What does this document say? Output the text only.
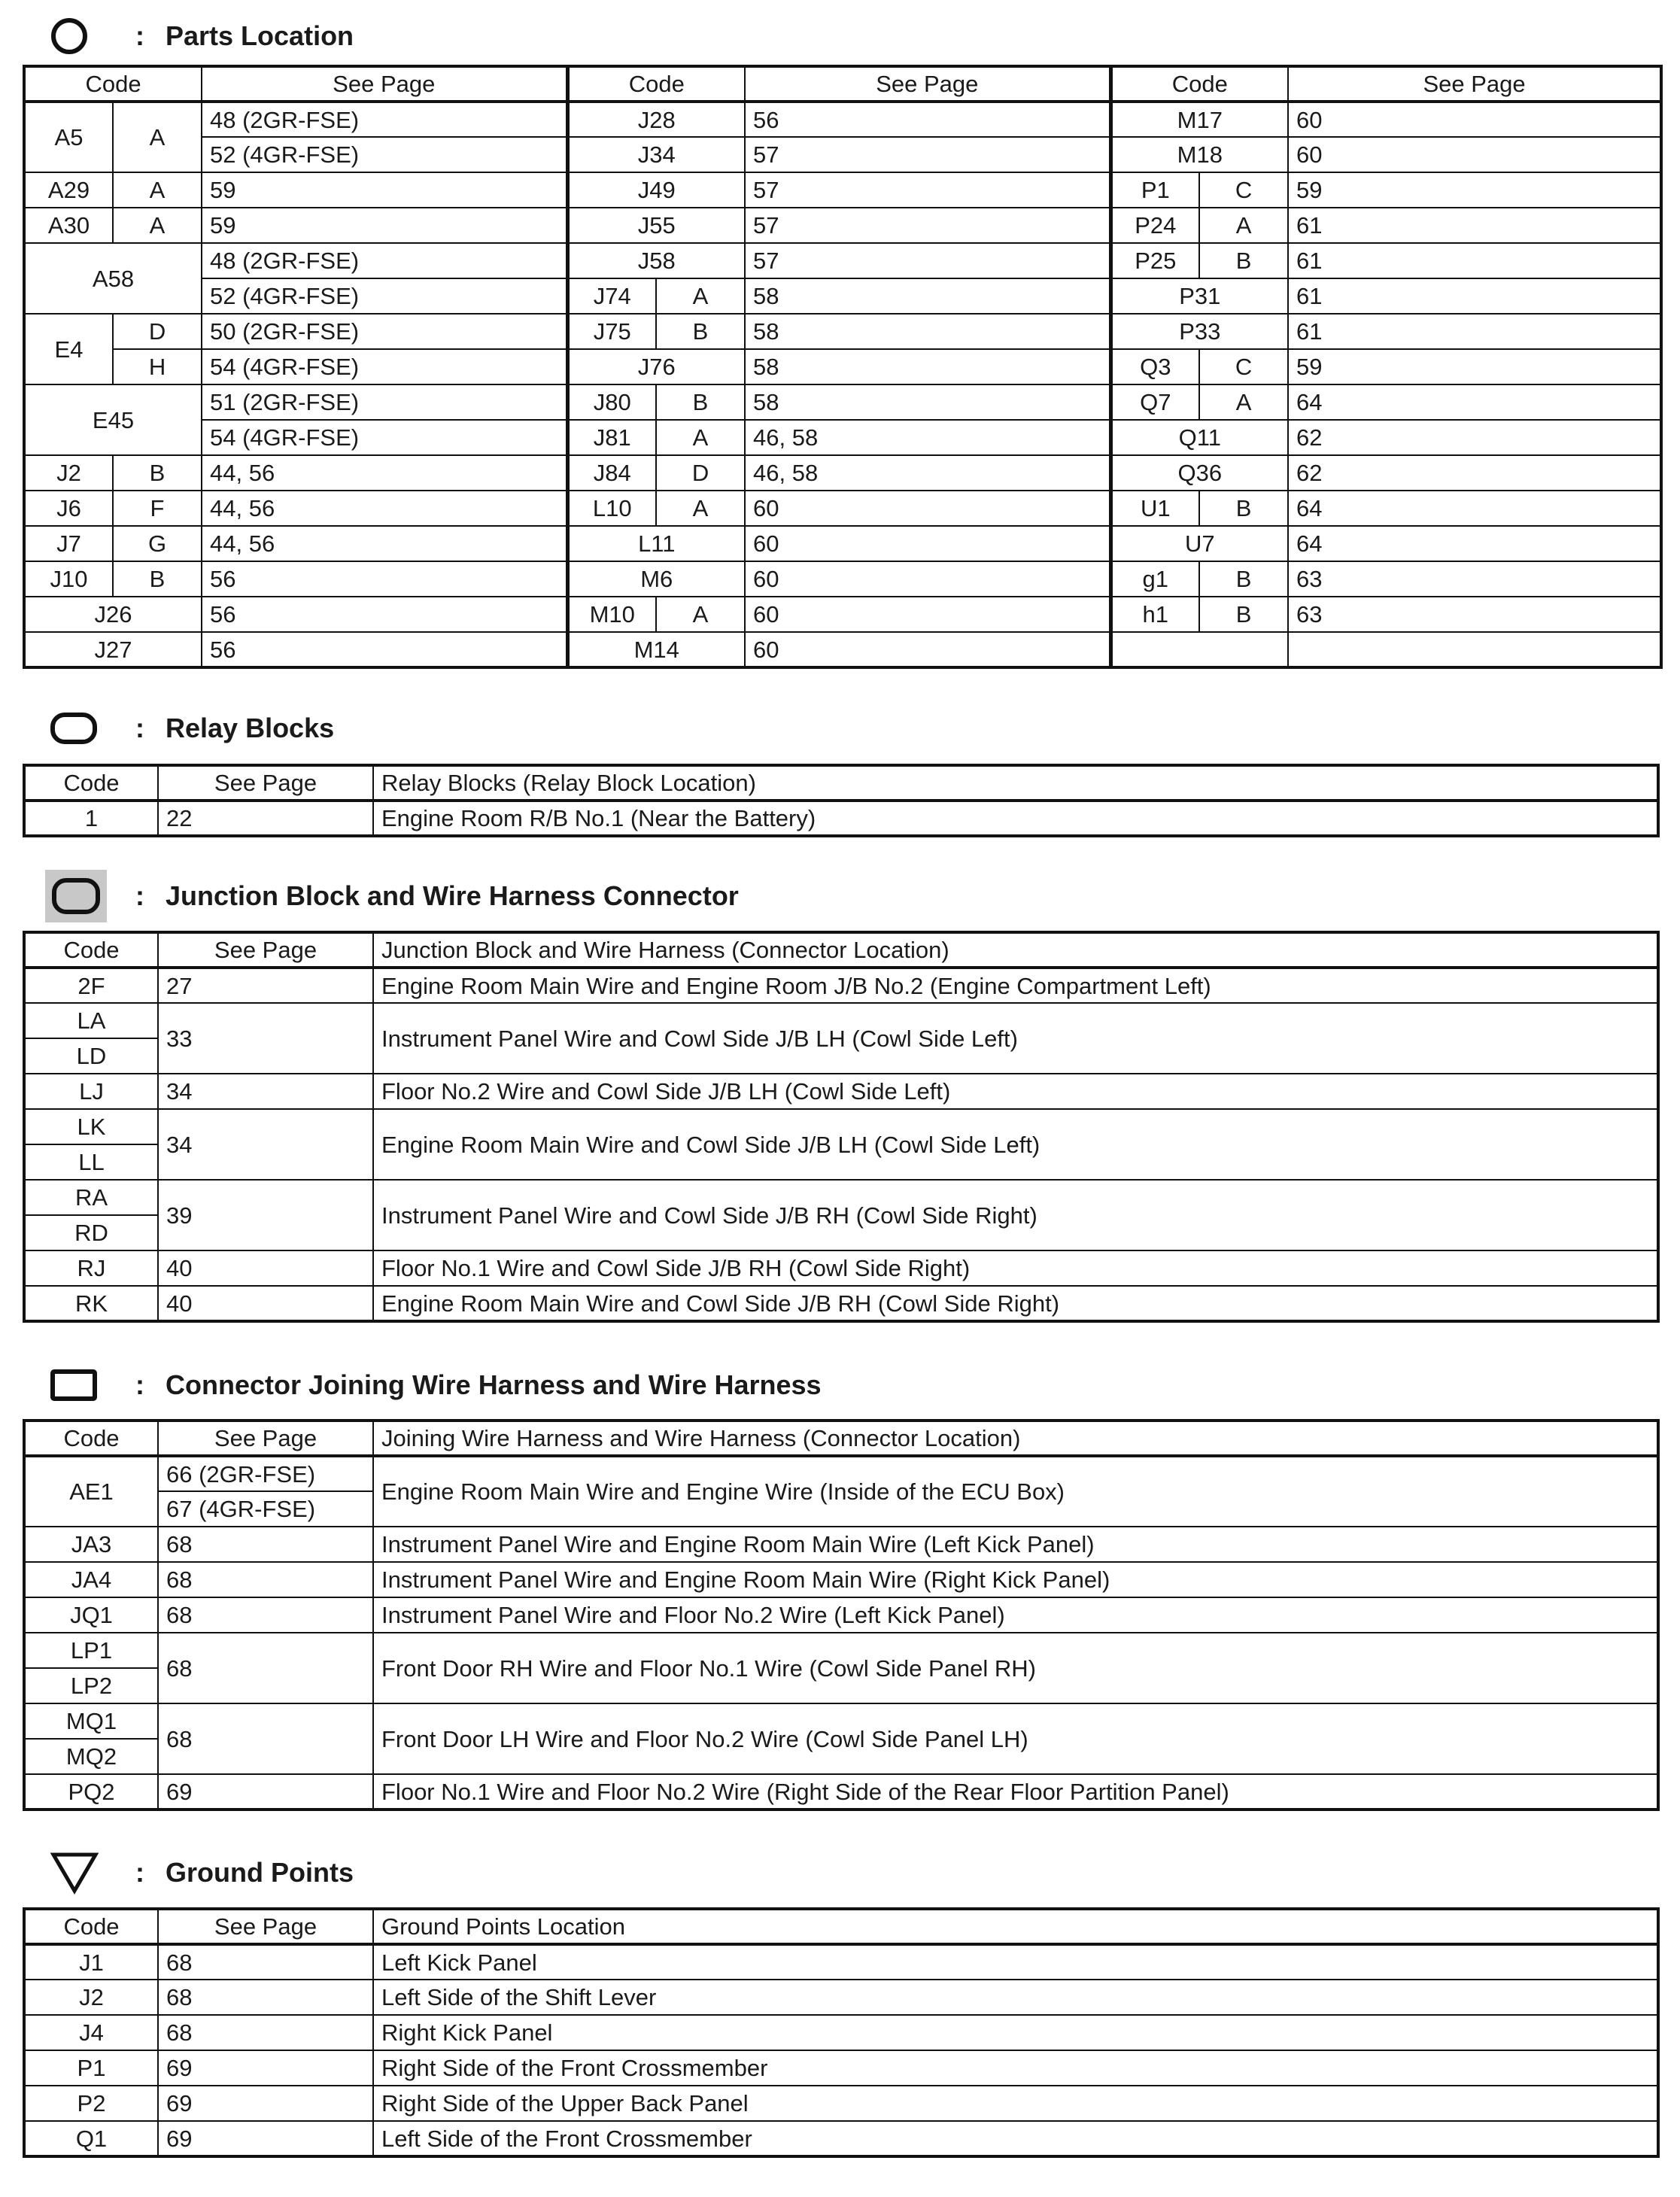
: Parts Location
Code		See Page	Code		See Page	Code		See Page
A5	A	48 (2GR-FSE)	J28		56	M17		60
		52 (4GR-FSE)	J34		57	M18		60
A29	A	59	J49		57	P1	C	59
A30	A	59	J55		57	P24	A	61
A58		48 (2GR-FSE)	J58		57	P25	B	61
		52 (4GR-FSE)	J74	A	58	P31		61
E4	D	50 (2GR-FSE)	J75	B	58	P33		61
	H	54 (4GR-FSE)	J76		58	Q3	C	59
E45		51 (2GR-FSE)	J80	B	58	Q7	A	64
		54 (4GR-FSE)	J81	A	46, 58	Q11		62
J2	B	44, 56	J84	D	46, 58	Q36		62
J6	F	44, 56	L10	A	60	U1	B	64
J7	G	44, 56	L11		60	U7		64
J10	B	56	M6		60	g1	B	63
J26		56	M10	A	60	h1	B	63
J27		56	M14		60			
: Relay Blocks
Code	See Page	Relay Blocks (Relay Block Location)
1	22	Engine Room R/B No.1 (Near the Battery)
: Junction Block and Wire Harness Connector
Code	See Page	Junction Block and Wire Harness (Connector Location)
2F	27	Engine Room Main Wire and Engine Room J/B No.2 (Engine Compartment Left)
LA	33	Instrument Panel Wire and Cowl Side J/B LH (Cowl Side Left)
LD		
LJ	34	Floor No.2 Wire and Cowl Side J/B LH (Cowl Side Left)
LK	34	Engine Room Main Wire and Cowl Side J/B LH (Cowl Side Left)
LL		
RA	39	Instrument Panel Wire and Cowl Side J/B RH (Cowl Side Right)
RD		
RJ	40	Floor No.1 Wire and Cowl Side J/B RH (Cowl Side Right)
RK	40	Engine Room Main Wire and Cowl Side J/B RH (Cowl Side Right)
: Connector Joining Wire Harness and Wire Harness
Code	See Page	Joining Wire Harness and Wire Harness (Connector Location)
AE1	66 (2GR-FSE)	Engine Room Main Wire and Engine Wire (Inside of the ECU Box)
	67 (4GR-FSE)	
JA3	68	Instrument Panel Wire and Engine Room Main Wire (Left Kick Panel)
JA4	68	Instrument Panel Wire and Engine Room Main Wire (Right Kick Panel)
JQ1	68	Instrument Panel Wire and Floor No.2 Wire (Left Kick Panel)
LP1	68	Front Door RH Wire and Floor No.1 Wire (Cowl Side Panel RH)
LP2		
MQ1	68	Front Door LH Wire and Floor No.2 Wire (Cowl Side Panel LH)
MQ2		
PQ2	69	Floor No.1 Wire and Floor No.2 Wire (Right Side of the Rear Floor Partition Panel)
: Ground Points
Code	See Page	Ground Points Location
J1	68	Left Kick Panel
J2	68	Left Side of the Shift Lever
J4	68	Right Kick Panel
P1	69	Right Side of the Front Crossmember
P2	69	Right Side of the Upper Back Panel
Q1	69	Left Side of the Front Crossmember
